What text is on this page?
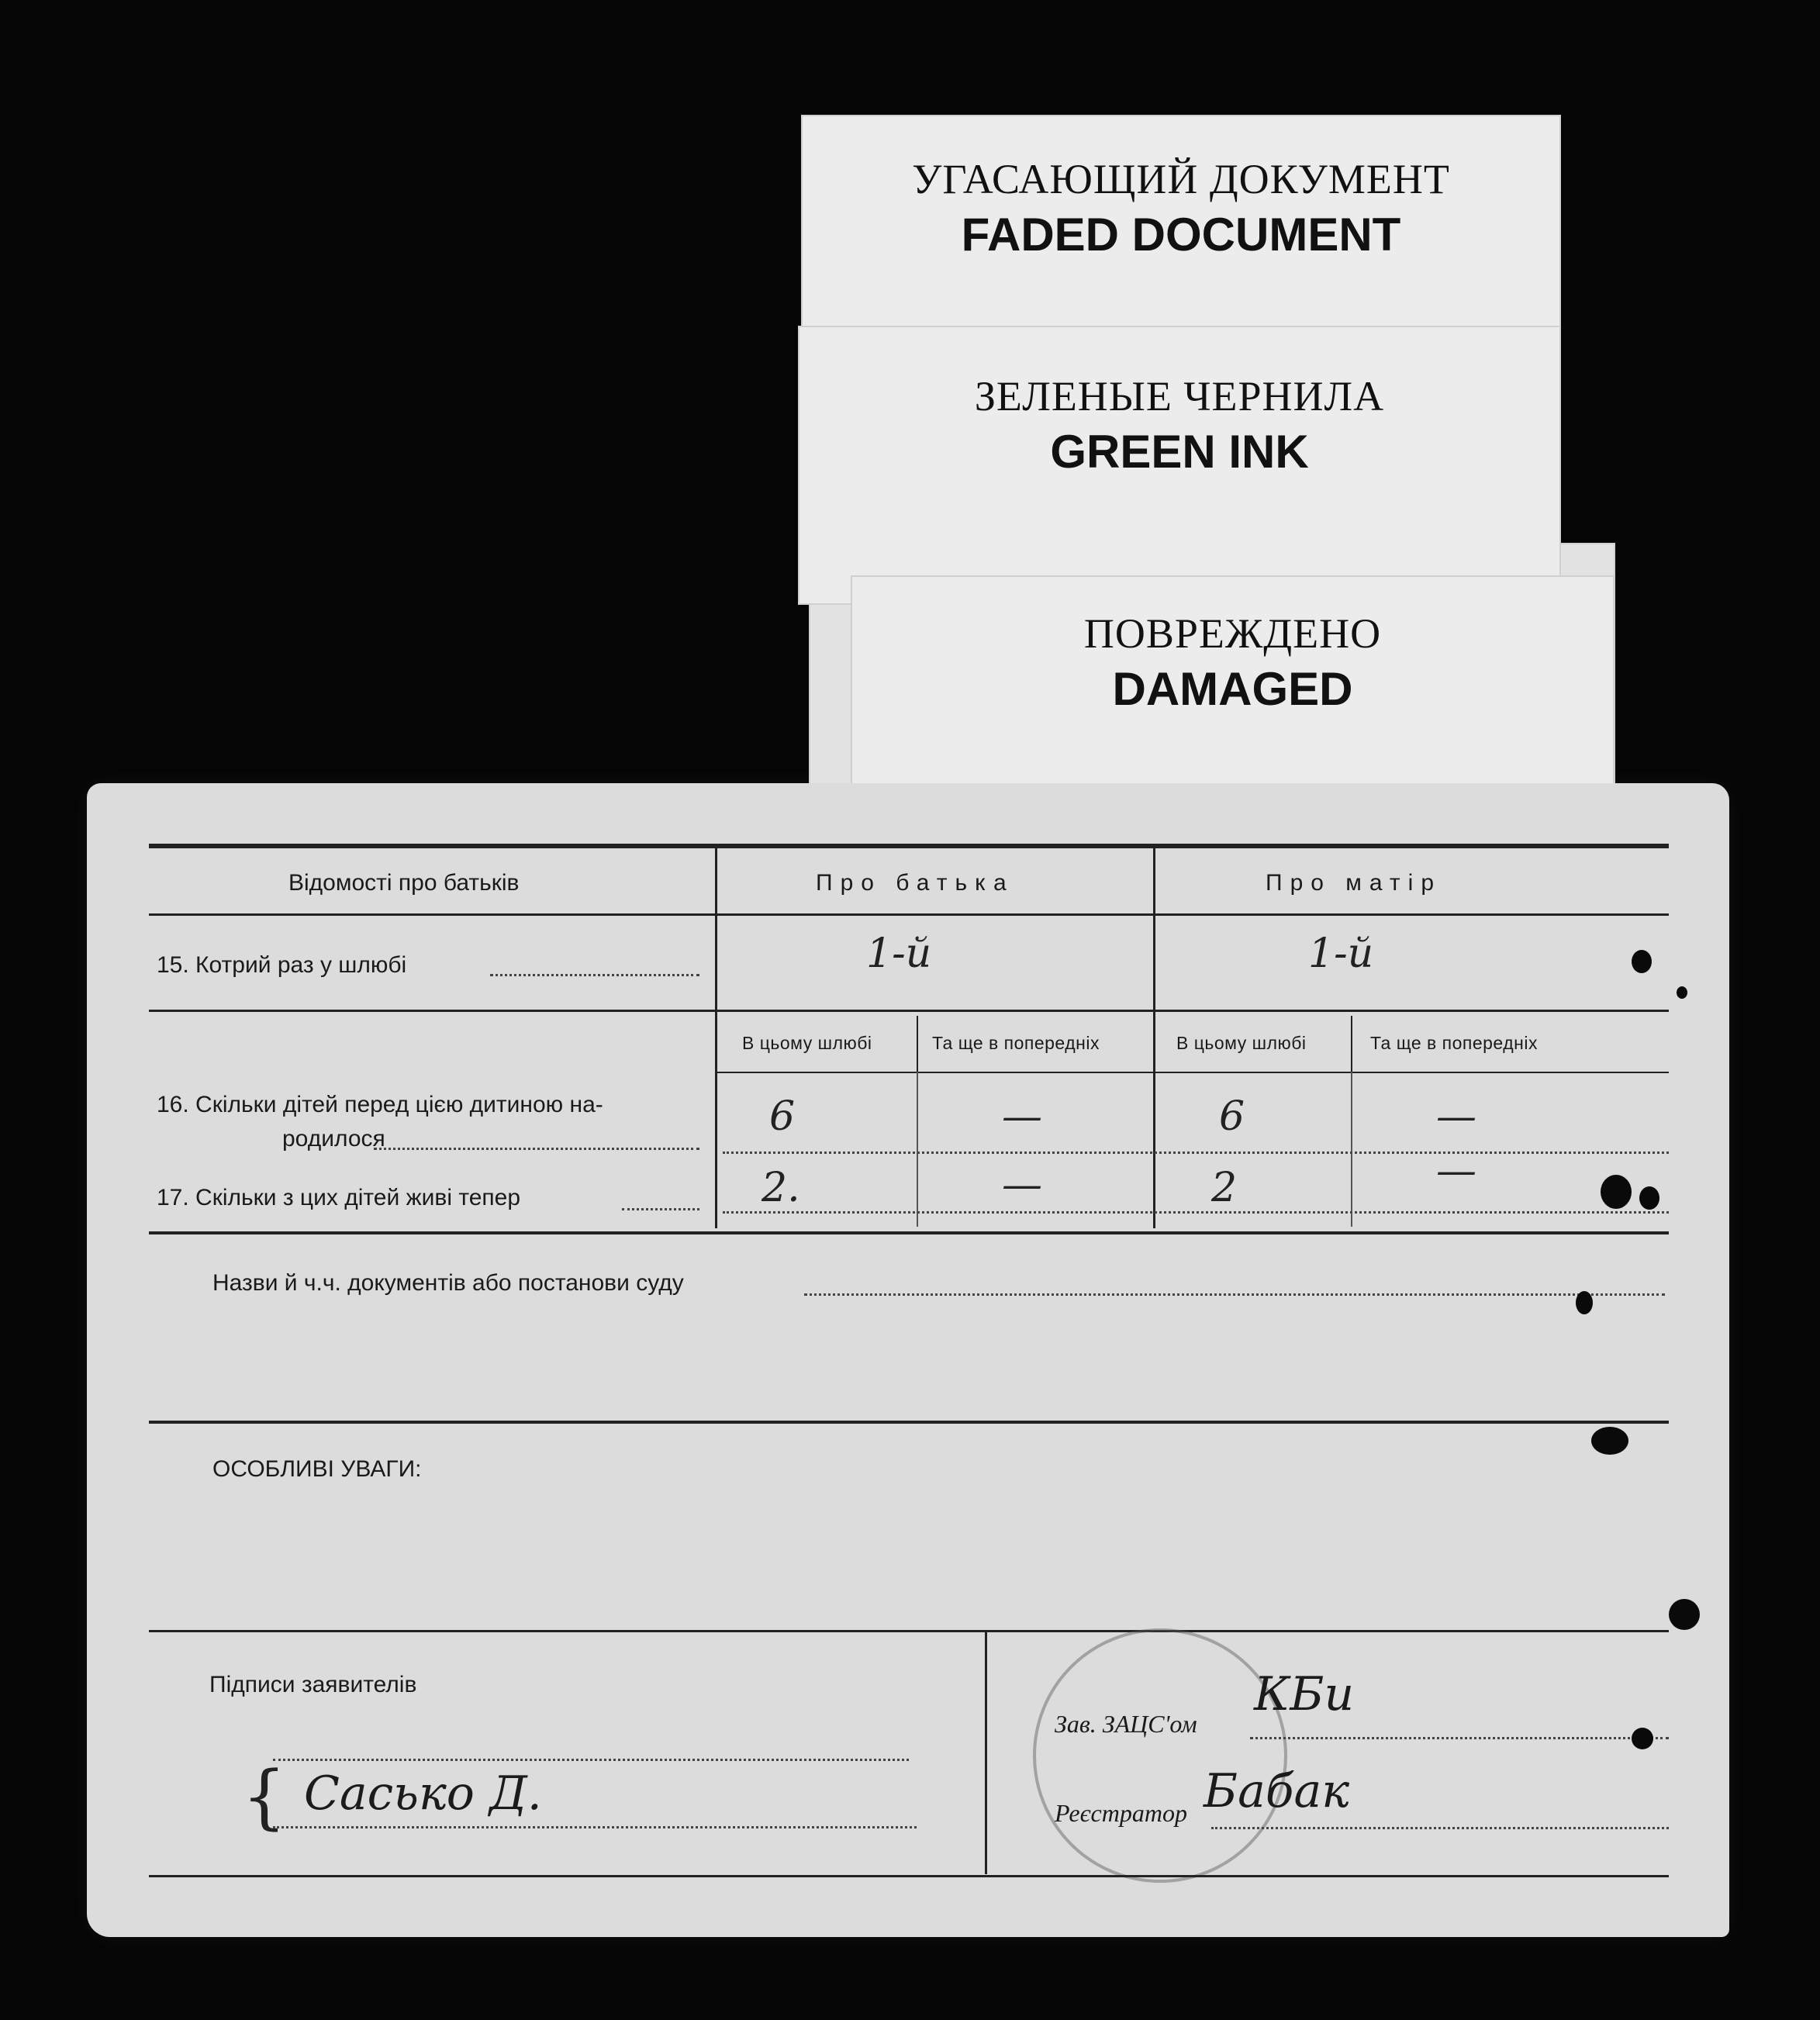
УГАСАЮЩИЙ ДОКУМЕНТ
FADED DOCUMENT
ЗЕЛЕНЫЕ ЧЕРНИЛА
GREEN INK
ПОВРЕЖДЕНО
DAMAGED
Відомості про батьків	Про батька	Про матір
15. Котрий раз у шлюбі	1-й	1-й
В цьому шлюбі	Та ще в попередніх	В цьому шлюбі	Та ще в попередніх
16. Скільки дітей перед цією дитиною на-
родилося	6	—	6	—
17. Скільки з цих дітей живі тепер	2.	—	2	—
Назви й ч.ч. документів або постанови суду
ОСОБЛИВІ УВАГИ:
Підписи заявителів
{ Сасько Д.
Зав. ЗАЦС'ом
КБи
Реєстратор Бабак
